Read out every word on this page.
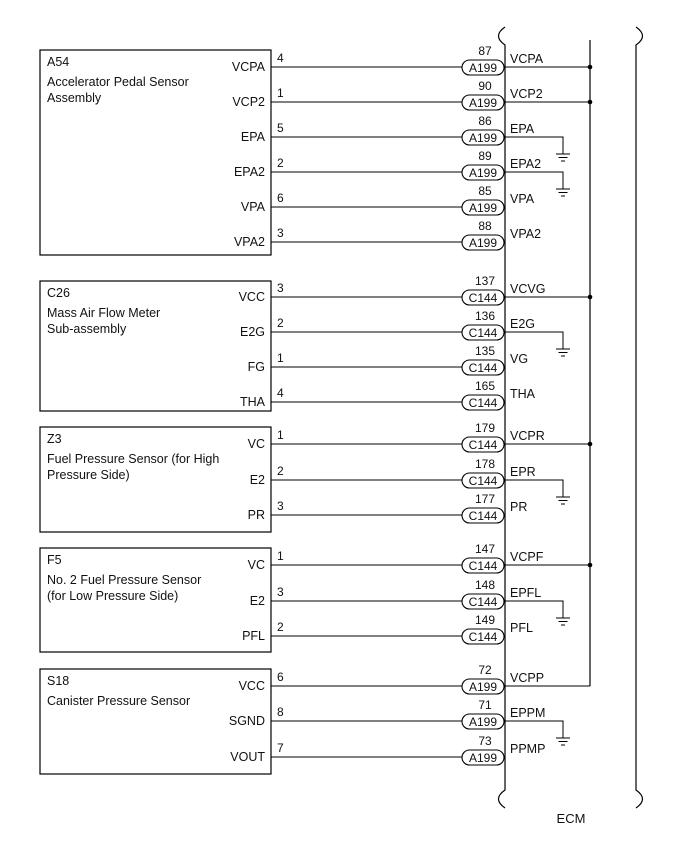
ECM
A54
Accelerator Pedal Sensor
Assembly
VCPA
4	87
A199
VCPA
VCP2
1	90
A199
VCP2
EPA
5	86
A199
EPA
EPA2
2	89
A199
EPA2
VPA
6	85
A199
VPA
VPA2
3	88
A199
VPA2
C26
Mass Air Flow Meter
Sub-assembly
VCC
3	137
C144
VCVG
E2G
2	136
C144
E2G
FG
1	135
C144
VG
THA
4	165
C144
THA
Z3
Fuel Pressure Sensor (for High
Pressure Side)
VC
1	179
C144
VCPR
E2
2	178
C144
EPR
PR
3	177
C144
PR
F5
No. 2 Fuel Pressure Sensor
(for Low Pressure Side)
VC
1	147
C144
VCPF
E2
3	148
C144
EPFL
PFL
2	149
C144
PFL
S18
Canister Pressure Sensor
VCC
6	72
A199
VCPP
SGND
8	71
A199
EPPM
VOUT
7	73
A199
PPMP
